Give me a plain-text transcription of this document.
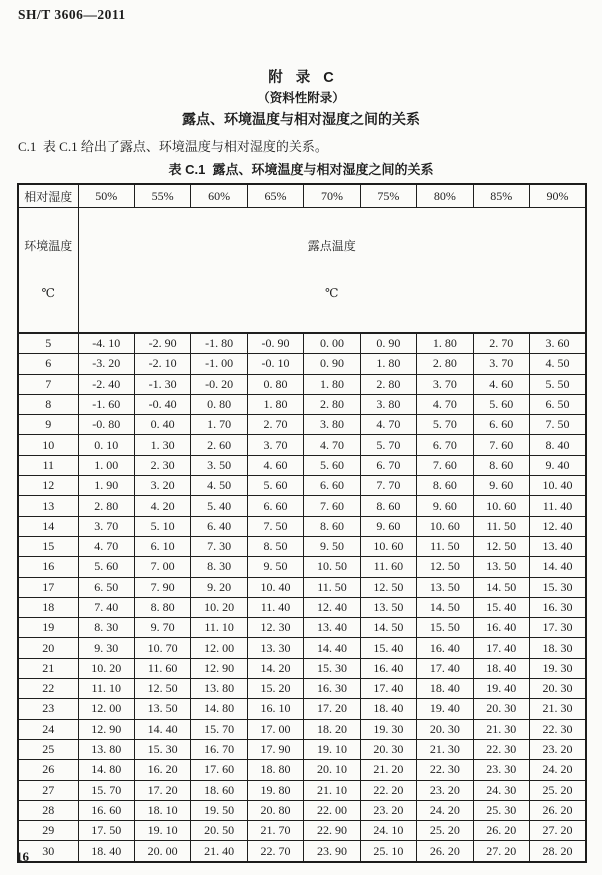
SH/T 3606—2011
附 录 C
（资料性附录）
露点、环境温度与相对湿度之间的关系
C.1  表 C.1 给出了露点、环境温度与相对湿度的关系。
表 C.1  露点、环境温度与相对湿度之间的关系
相对湿度	50%	55%	60%	65%	70%	75%	80%	85%	90%

环境温度

℃

露点温度

℃

5	-4. 10	-2. 90	-1. 80	-0. 90	0. 00	0. 90	1. 80	2. 70	3. 60
6	-3. 20	-2. 10	-1. 00	-0. 10	0. 90	1. 80	2. 80	3. 70	4. 50
7	-2. 40	-1. 30	-0. 20	0. 80	1. 80	2. 80	3. 70	4. 60	5. 50
8	-1. 60	-0. 40	0. 80	1. 80	2. 80	3. 80	4. 70	5. 60	6. 50
9	-0. 80	0. 40	1. 70	2. 70	3. 80	4. 70	5. 70	6. 60	7. 50
10	0. 10	1. 30	2. 60	3. 70	4. 70	5. 70	6. 70	7. 60	8. 40
11	1. 00	2. 30	3. 50	4. 60	5. 60	6. 70	7. 60	8. 60	9. 40
12	1. 90	3. 20	4. 50	5. 60	6. 60	7. 70	8. 60	9. 60	10. 40
13	2. 80	4. 20	5. 40	6. 60	7. 60	8. 60	9. 60	10. 60	11. 40
14	3. 70	5. 10	6. 40	7. 50	8. 60	9. 60	10. 60	11. 50	12. 40
15	4. 70	6. 10	7. 30	8. 50	9. 50	10. 60	11. 50	12. 50	13. 40
16	5. 60	7. 00	8. 30	9. 50	10. 50	11. 60	12. 50	13. 50	14. 40
17	6. 50	7. 90	9. 20	10. 40	11. 50	12. 50	13. 50	14. 50	15. 30
18	7. 40	8. 80	10. 20	11. 40	12. 40	13. 50	14. 50	15. 40	16. 30
19	8. 30	9. 70	11. 10	12. 30	13. 40	14. 50	15. 50	16. 40	17. 30
20	9. 30	10. 70	12. 00	13. 30	14. 40	15. 40	16. 40	17. 40	18. 30
21	10. 20	11. 60	12. 90	14. 20	15. 30	16. 40	17. 40	18. 40	19. 30
22	11. 10	12. 50	13. 80	15. 20	16. 30	17. 40	18. 40	19. 40	20. 30
23	12. 00	13. 50	14. 80	16. 10	17. 20	18. 40	19. 40	20. 30	21. 30
24	12. 90	14. 40	15. 70	17. 00	18. 20	19. 30	20. 30	21. 30	22. 30
25	13. 80	15. 30	16. 70	17. 90	19. 10	20. 30	21. 30	22. 30	23. 20
26	14. 80	16. 20	17. 60	18. 80	20. 10	21. 20	22. 30	23. 30	24. 20
27	15. 70	17. 20	18. 60	19. 80	21. 10	22. 20	23. 20	24. 30	25. 20
28	16. 60	18. 10	19. 50	20. 80	22. 00	23. 20	24. 20	25. 30	26. 20
29	17. 50	19. 10	20. 50	21. 70	22. 90	24. 10	25. 20	26. 20	27. 20
30	18. 40	20. 00	21. 40	22. 70	23. 90	25. 10	26. 20	27. 20	28. 20
16
